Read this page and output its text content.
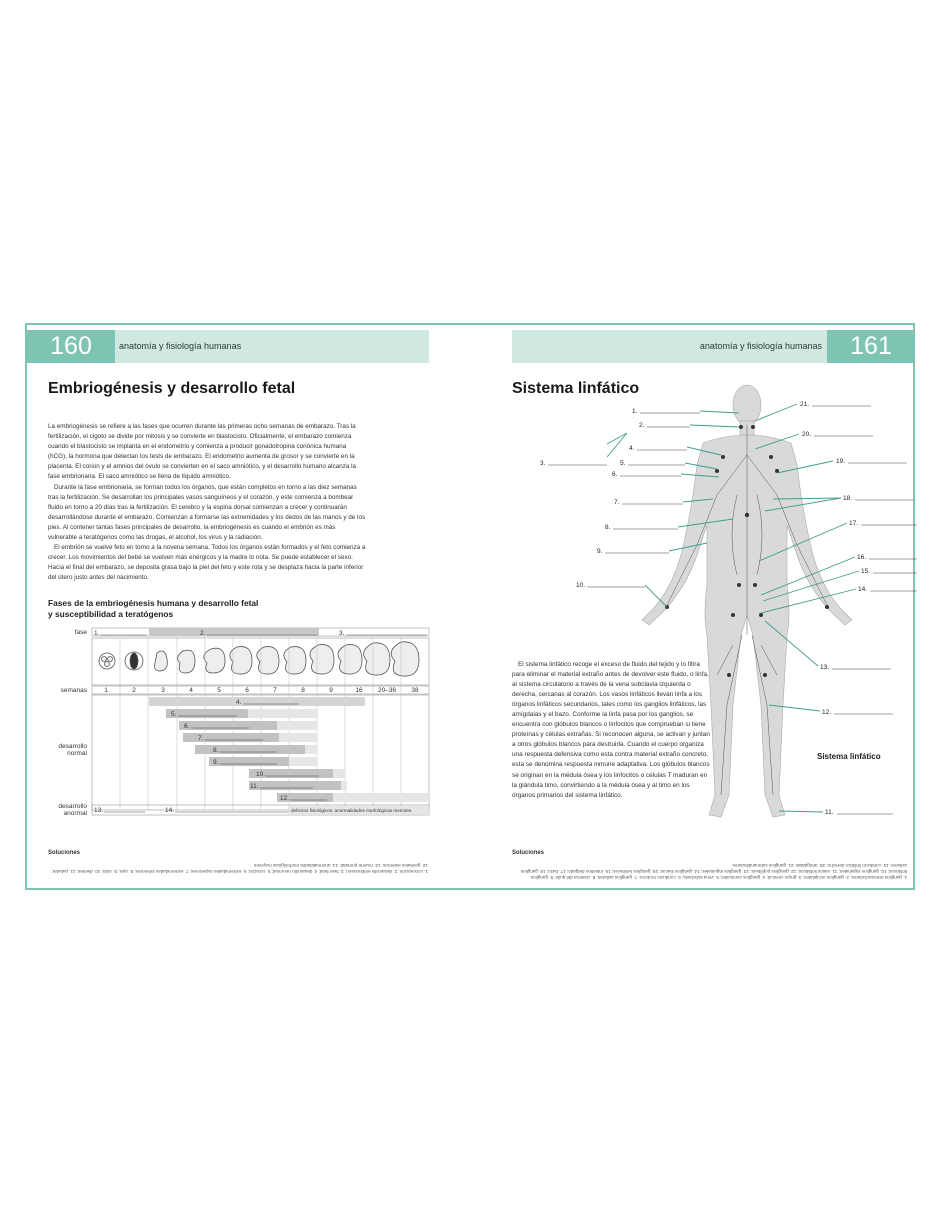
160	anatomía y fisiología humanas	anatomía y fisiología humanas	161
Embriogénesis y desarrollo fetal

La embriogénesis se refiere a las fases que ocurren durante las primeras ocho semanas de embarazo. Tras la fertilización, el cigoto se divide por mitosis y se convierte en blastocisto. Oficialmente, el embarazo comienza cuando el blastocisto se implanta en el endometrio y comienza a producir gonadotropina coriónica humana (hCG), la hormona que detectan los tests de embarazo. El endometrio aumenta de grosor y se convierte en la placenta. El corion y el amnios del óvulo se convierten en el saco amniótico, y el desarrollo humano alcanza la fase embrionaria. El saco amniótico se llena de líquido amniótico.

Durante la fase embrionaria, se forman todos los órganos, que están completos en torno a las diez semanas tras la fertilización. Se desarrollan los principales vasos sanguíneos y el corazón, y este comienza a bombear fluido en torno a 20 días tras la fertilización. El cerebro y la espina dorsal comienzan a crecer y continuarán desarrollándose durante el embarazo. Comienzan a formarse las extremidades y los dedos de las manos y de los pies. Al contener tantas fases principales de desarrollo, la embriogénesis es cuando el embrión es más vulnerable a teratógenos como las drogas, el alcohol, los virus y la radiación.

El embrión se vuelve feto en torno a la novena semana. Todos los órganos están formados y el feto comienza a crecer. Los movimientos del bebé se vuelven más enérgicos y la madre lo nota. Se puede establecer el sexo. Hacia el final del embarazo, se deposita grasa bajo la piel del feto y este rota y se desplaza hacia la parte inferior del útero justo antes del nacimiento.

Fases de la embriogénesis humana y desarrollo fetal
y susceptibilidad a teratógenos
fase
semanas
desarrollo
normal
desarrollo
anormal
1.	2.	3.
1	2	3	4	5	6	7	8	9	16 20–36 38
4.
5.
6.
7.
8.
9.
10.
11.
12.
13.	14.	defectos fisiológicos, anormalidades morfológicas menores
Soluciones
1. concepción; 2. desarrollo embrionario; 3. fase fetal; 4. desarrollo neuronal; 5. corazón; 6. extremidades superiores; 7. extremidades inferiores; 8. ojos; 9. oído; 10. dientes; 11. paladar; 12. genitales externos; 13. muerte prenatal; 14. anormalidades morfológicas mayores
Sistema linfático

El sistema linfático recoge el exceso de fluido del tejido y lo filtra para eliminar el material extraño antes de devolver este fluido, o linfa, al sistema circulatorio a través de la vena subclavia izquierda o derecha, cercanas al corazón. Los vasos linfáticos llevan linfa a los órganos linfáticos secundarios, tales como los ganglios linfáticos, las amígdalas y el bazo. Conforme la linfa pasa por los ganglios, se encuentra con glóbulos blancos o linfocitos que comprueban si tiene proteínas y células extrañas. Si reconocen alguna, se activan y juntan a otros glóbulos blancos para destruirla. Cuando el cuerpo organiza una respuesta defensiva como esta contra material extraño concreto, esta se denomina respuesta inmune adaptativa. Los glóbulos blancos se originan en la médula ósea y los linfocitos o células T maduran en la glándula timo, convirtiendo a la médula ósea y al timo en los órganos primarios del sistema linfático.

1.
2.
3.
4.
5.
6.
7.
8.
9.
10.
21.
20.
19.
18.
17.
16.
15.
14.
13.
12.
11.
Sistema linfático
Soluciones
1. ganglios retroauriculares; 2. ganglios occipitales; 3. grupo cervical; 4. ganglios cervicales; 5. vena subclavia; 6. conducto torácico; 7. ganglios axilares; 8. cisterna del quilo; 9. ganglios linfáticos; 10. ganglios inguinales; 11. vasos linfáticos; 12. ganglios poplíteos; 13. ganglios inguinales; 14. ganglios ilíacos; 15. ganglios lumbares; 16. intestino delgado; 17. bazo; 18. ganglios axilares; 19. conducto linfático derecho; 20. amígdalas; 21. ganglios submandibulares
